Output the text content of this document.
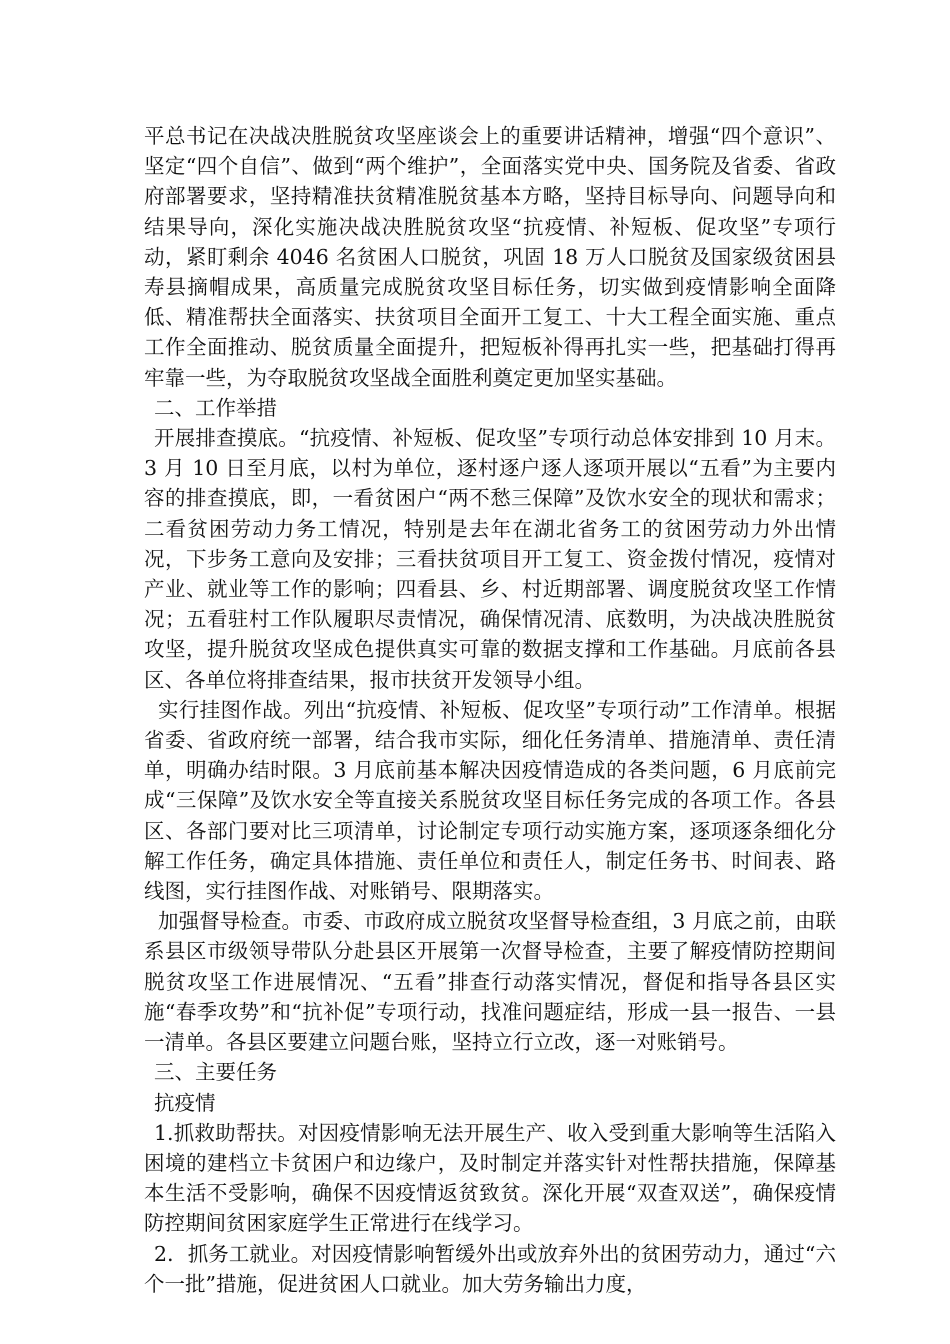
平总书记在决战决胜脱贫攻坚座谈会上的重要讲话精神，增强“四个意识”、坚定“四个自信”、做到“两个维护”，全面落实党中央、国务院及省委、省政府部署要求，坚持精准扶贫精准脱贫基本方略，坚持目标导向、问题导向和结果导向，深化实施决战决胜脱贫攻坚“抗疫情、补短板、促攻坚”专项行动，紧盯剩余 4046 名贫困人口脱贫，巩固 18 万人口脱贫及国家级贫困县寿县摘帽成果，高质量完成脱贫攻坚目标任务，切实做到疫情影响全面降低、精准帮扶全面落实、扶贫项目全面开工复工、十大工程全面实施、重点工作全面推动、脱贫质量全面提升，把短板补得再扎实一些，把基础打得再牢靠一些，为夺取脱贫攻坚战全面胜利奠定更加坚实基础。

二、工作举措

开展排查摸底。“抗疫情、补短板、促攻坚”专项行动总体安排到 10 月末。3 月 10 日至月底，以村为单位，逐村逐户逐人逐项开展以“五看”为主要内容的排查摸底，即，一看贫困户“两不愁三保障”及饮水安全的现状和需求；二看贫困劳动力务工情况，特别是去年在湖北省务工的贫困劳动力外出情况，下步务工意向及安排；三看扶贫项目开工复工、资金拨付情况，疫情对产业、就业等工作的影响；四看县、乡、村近期部署、调度脱贫攻坚工作情况；五看驻村工作队履职尽责情况，确保情况清、底数明，为决战决胜脱贫攻坚，提升脱贫攻坚成色提供真实可靠的数据支撑和工作基础。月底前各县区、各单位将排查结果，报市扶贫开发领导小组。

实行挂图作战。列出“抗疫情、补短板、促攻坚”专项行动”工作清单。根据省委、省政府统一部署，结合我市实际，细化任务清单、措施清单、责任清单，明确办结时限。3 月底前基本解决因疫情造成的各类问题，6 月底前完成“三保障”及饮水安全等直接关系脱贫攻坚目标任务完成的各项工作。各县区、各部门要对比三项清单，讨论制定专项行动实施方案，逐项逐条细化分解工作任务，确定具体措施、责任单位和责任人，制定任务书、时间表、路线图，实行挂图作战、对账销号、限期落实。

加强督导检查。市委、市政府成立脱贫攻坚督导检查组，3 月底之前，由联系县区市级领导带队分赴县区开展第一次督导检查，主要了解疫情防控期间脱贫攻坚工作进展情况、“五看”排查行动落实情况，督促和指导各县区实施“春季攻势”和“抗补促”专项行动，找准问题症结，形成一县一报告、一县一清单。各县区要建立问题台账，坚持立行立改，逐一对账销号。

三、主要任务

抗疫情

1.抓救助帮扶。对因疫情影响无法开展生产、收入受到重大影响等生活陷入困境的建档立卡贫困户和边缘户，及时制定并落实针对性帮扶措施，保障基本生活不受影响，确保不因疫情返贫致贫。深化开展“双查双送”，确保疫情防控期间贫困家庭学生正常进行在线学习。

2．抓务工就业。对因疫情影响暂缓外出或放弃外出的贫困劳动力，通过“六个一批”措施，促进贫困人口就业。加大劳务输出力度，
